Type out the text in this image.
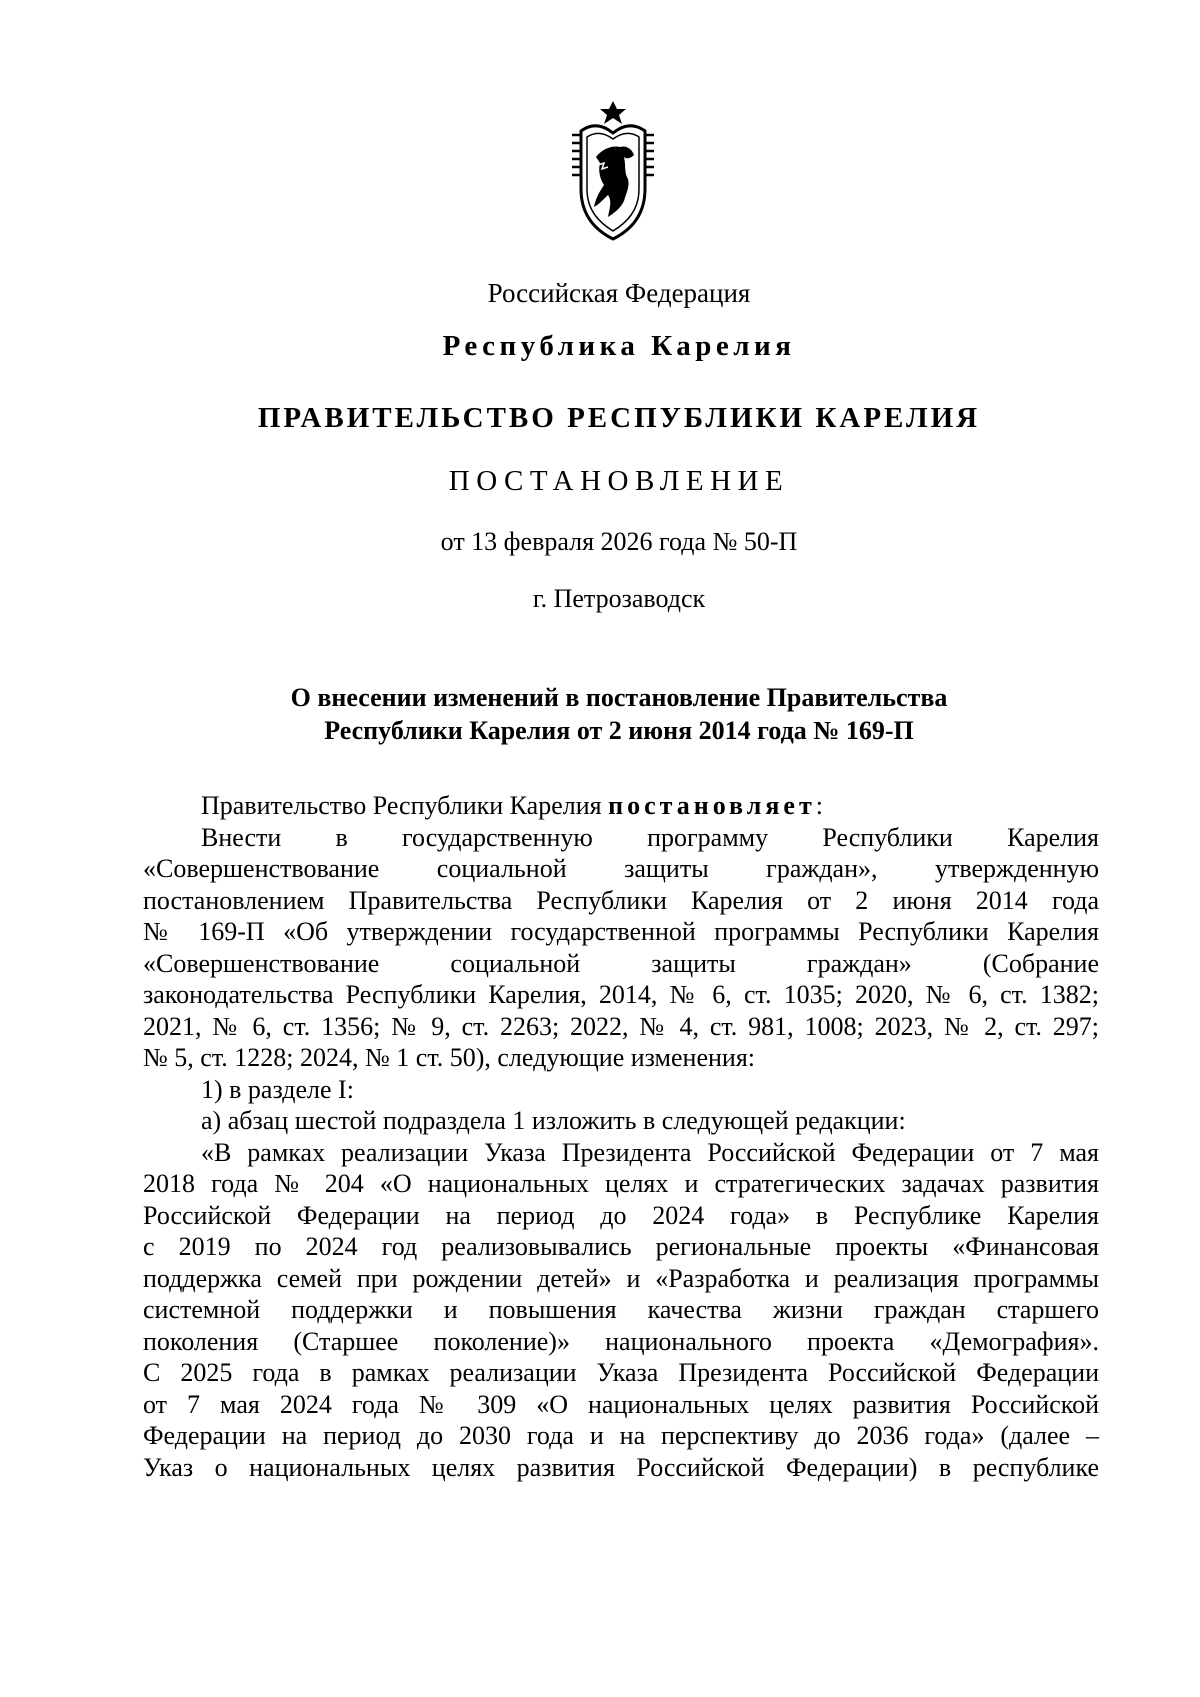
Российская Федерация
Республика Карелия
ПРАВИТЕЛЬСТВО РЕСПУБЛИКИ КАРЕЛИЯ
ПОСТАНОВЛЕНИЕ
от 13 февраля 2026 года № 50-П
г. Петрозаводск
О внесении изменений в постановление Правительства
Республики Карелия от 2 июня 2014 года № 169-П

Правительство Республики Карелия постановляет:

Внести в государственную программу Республики Карелия

«Совершенствование социальной защиты граждан», утвержденную

постановлением Правительства Республики Карелия от 2 июня 2014 года

№ 169-П «Об утверждении государственной программы Республики Карелия

«Совершенствование социальной защиты граждан» (Собрание

законодательства Республики Карелия, 2014, № 6, ст. 1035; 2020, № 6, ст. 1382;

2021, № 6, ст. 1356; № 9, ст. 2263; 2022, № 4, ст. 981, 1008; 2023, № 2, ст. 297;

№ 5, ст. 1228; 2024, № 1 ст. 50), следующие изменения:

1) в разделе I:

а) абзац шестой подраздела 1 изложить в следующей редакции:

«В рамках реализации Указа Президента Российской Федерации от 7 мая

2018 года № 204 «О национальных целях и стратегических задачах развития

Российской Федерации на период до 2024 года» в Республике Карелия

с 2019 по 2024 год реализовывались региональные проекты «Финансовая

поддержка семей при рождении детей» и «Разработка и реализация программы

системной поддержки и повышения качества жизни граждан старшего

поколения (Старшее поколение)» национального проекта «Демография».

С 2025 года в рамках реализации Указа Президента Российской Федерации

от 7 мая 2024 года № 309 «О национальных целях развития Российской

Федерации на период до 2030 года и на перспективу до 2036 года» (далее –

Указ о национальных целях развития Российской Федерации) в республике
